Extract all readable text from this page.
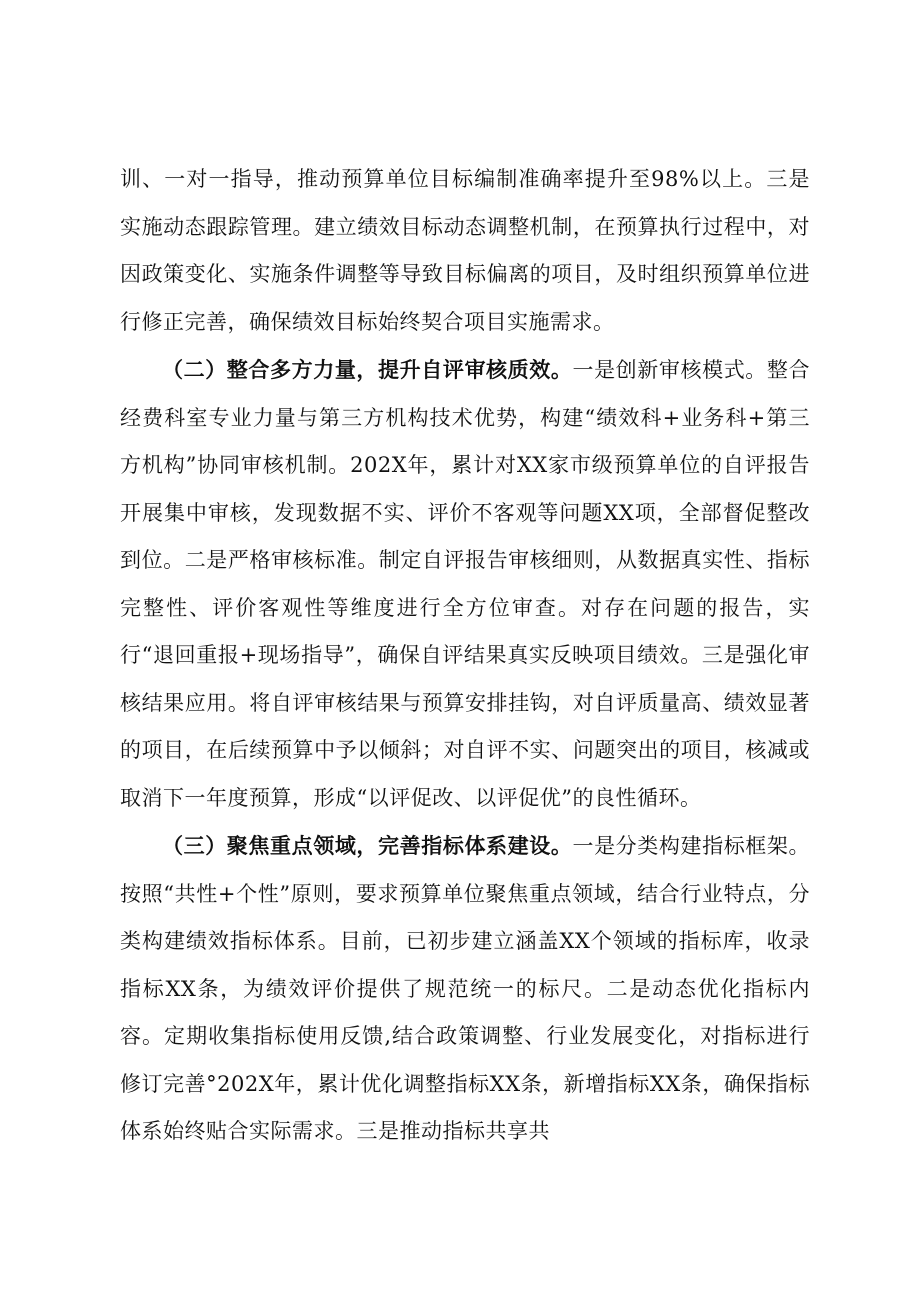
训、一对一指导，推动预算单位目标编制准确率提升至98%以上。三是实施动态跟踪管理。建立绩效目标动态调整机制，在预算执行过程中，对因政策变化、实施条件调整等导致目标偏离的项目，及时组织预算单位进行修正完善，确保绩效目标始终契合项目实施需求。

（二）整合多方力量，提升自评审核质效。一是创新审核模式。整合经费科室专业力量与第三方机构技术优势，构建“绩效科+业务科+第三方机构”协同审核机制。202X年，累计对XX家市级预算单位的自评报告开展集中审核，发现数据不实、评价不客观等问题XX项，全部督促整改到位。二是严格审核标准。制定自评报告审核细则，从数据真实性、指标完整性、评价客观性等维度进行全方位审查。对存在问题的报告，实行“退回重报+现场指导”，确保自评结果真实反映项目绩效。三是强化审核结果应用。将自评审核结果与预算安排挂钩，对自评质量高、绩效显著的项目，在后续预算中予以倾斜；对自评不实、问题突出的项目，核减或取消下一年度预算，形成“以评促改、以评促优”的良性循环。

（三）聚焦重点领域，完善指标体系建设。一是分类构建指标框架。按照“共性+个性”原则，要求预算单位聚焦重点领域，结合行业特点，分类构建绩效指标体系。目前，已初步建立涵盖XX个领域的指标库，收录指标XX条，为绩效评价提供了规范统一的标尺。二是动态优化指标内容。定期收集指标使用反馈,结合政策调整、行业发展变化，对指标进行修订完善°202X年，累计优化调整指标XX条，新增指标XX条，确保指标体系始终贴合实际需求。三是推动指标共享共
